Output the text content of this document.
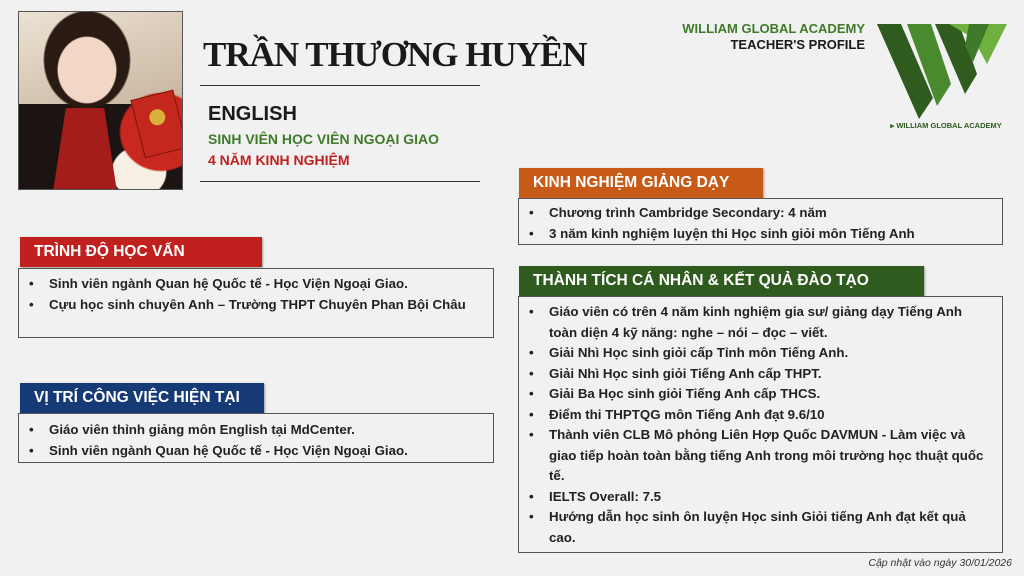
TRẦN THƯƠNG HUYỀN
ENGLISH
SINH VIÊN HỌC VIÊN NGOẠI GIAO
4 NĂM KINH NGHIỆM
WILLIAM GLOBAL ACADEMY
TEACHER'S PROFILE
⪢ WILLIAM GLOBAL ACADEMY
TRÌNH ĐỘ HỌC VẤN
• Sinh viên ngành Quan hệ Quốc tế - Học Viện Ngoại Giao.
• Cựu học sinh chuyên Anh – Trường THPT Chuyên Phan Bội Châu
VỊ TRÍ CÔNG VIỆC HIỆN TẠI
• Giáo viên thỉnh giảng môn English tại MdCenter.
• Sinh viên ngành Quan hệ Quốc tế - Học Viện Ngoại Giao.
KINH NGHIỆM GIẢNG DẠY
• Chương trình Cambridge Secondary: 4 năm
• 3 năm kinh nghiệm luyện thi Học sinh giỏi môn Tiếng Anh
THÀNH TÍCH CÁ NHÂN & KẾT QUẢ ĐÀO TẠO
• Giáo viên có trên 4 năm kinh nghiệm gia sư/ giảng dạy Tiếng Anh toàn diện 4 kỹ năng: nghe – nói – đọc – viết.
• Giải Nhì Học sinh giỏi cấp Tỉnh môn Tiếng Anh.
• Giải Nhì Học sinh giỏi Tiếng Anh cấp THPT.
• Giải Ba Học sinh giỏi Tiếng Anh cấp THCS.
• Điểm thi THPTQG môn Tiếng Anh đạt 9.6/10
• Thành viên CLB Mô phỏng Liên Hợp Quốc DAVMUN - Làm việc và giao tiếp hoàn toàn bằng tiếng Anh trong môi trường học thuật quốc tế.
• IELTS Overall: 7.5
• Hướng dẫn học sinh ôn luyện Học sinh Giỏi tiếng Anh đạt kết quả cao.
Cập nhật vào ngày 30/01/2026
